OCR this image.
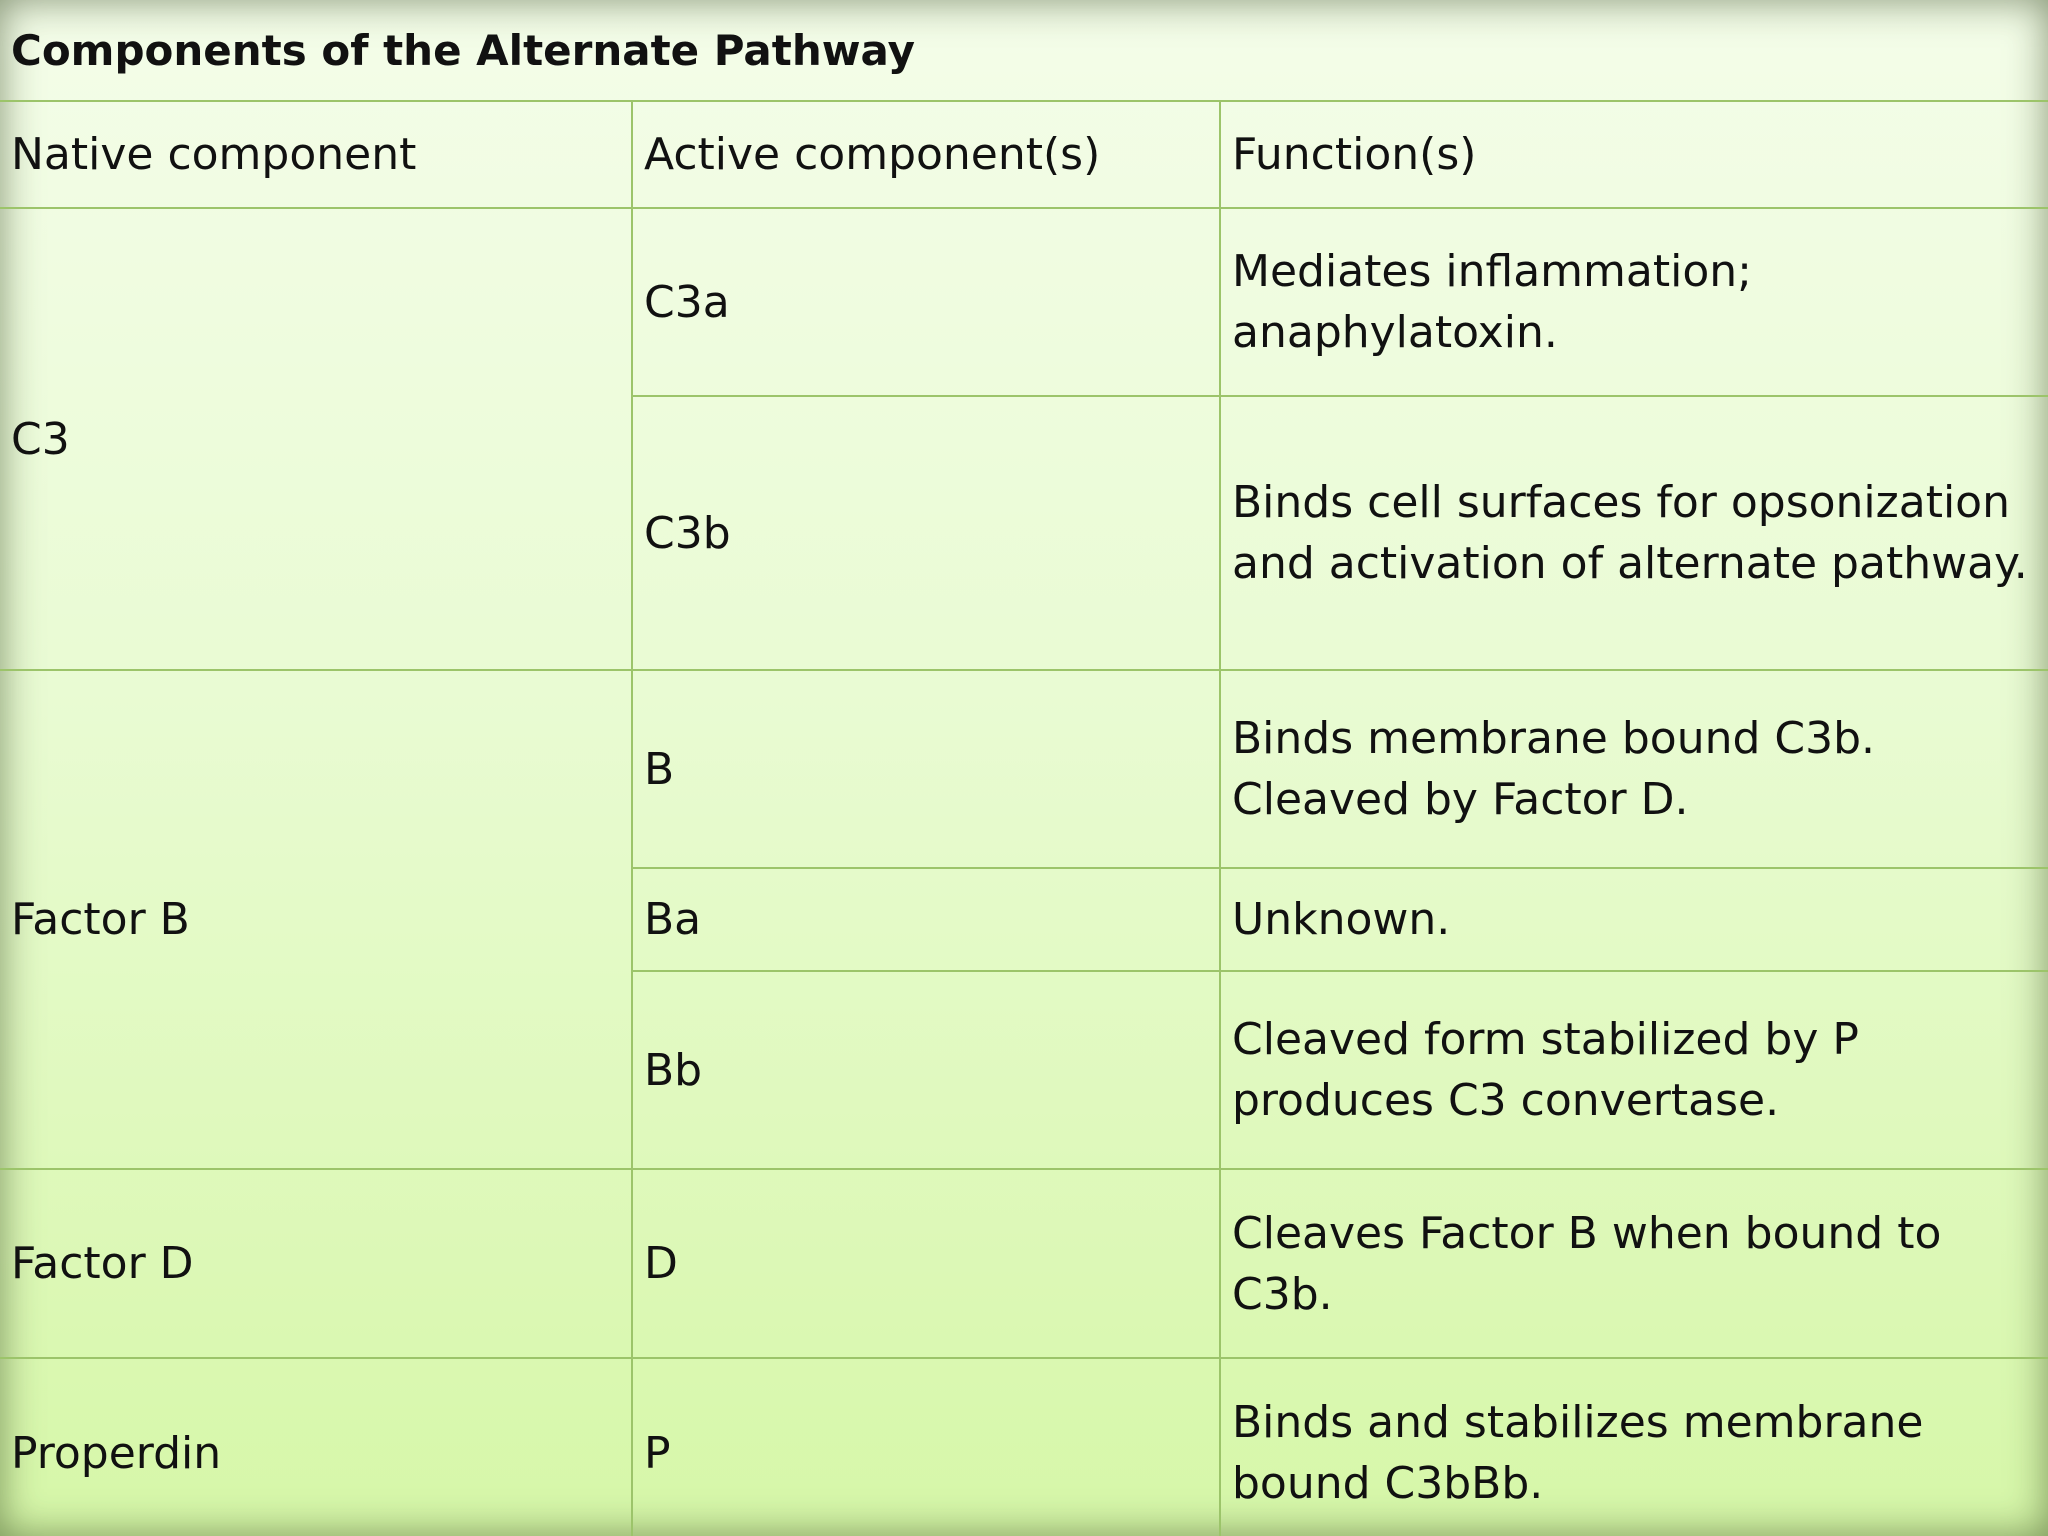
Components of the Alternate Pathway		
Native component	Active component(s)	Function(s)
C3	C3a	Mediates inflammation; anaphylatoxin.
	C3b	Binds cell surfaces for opsonization and activation of alternate pathway.
Factor B	B	Binds membrane bound C3b. Cleaved by Factor D.
	Ba	Unknown.
	Bb	Cleaved form stabilized by P produces C3 convertase.
Factor D	D	Cleaves Factor B when bound to C3b.
Properdin	P	Binds and stabilizes membrane bound C3bBb.
